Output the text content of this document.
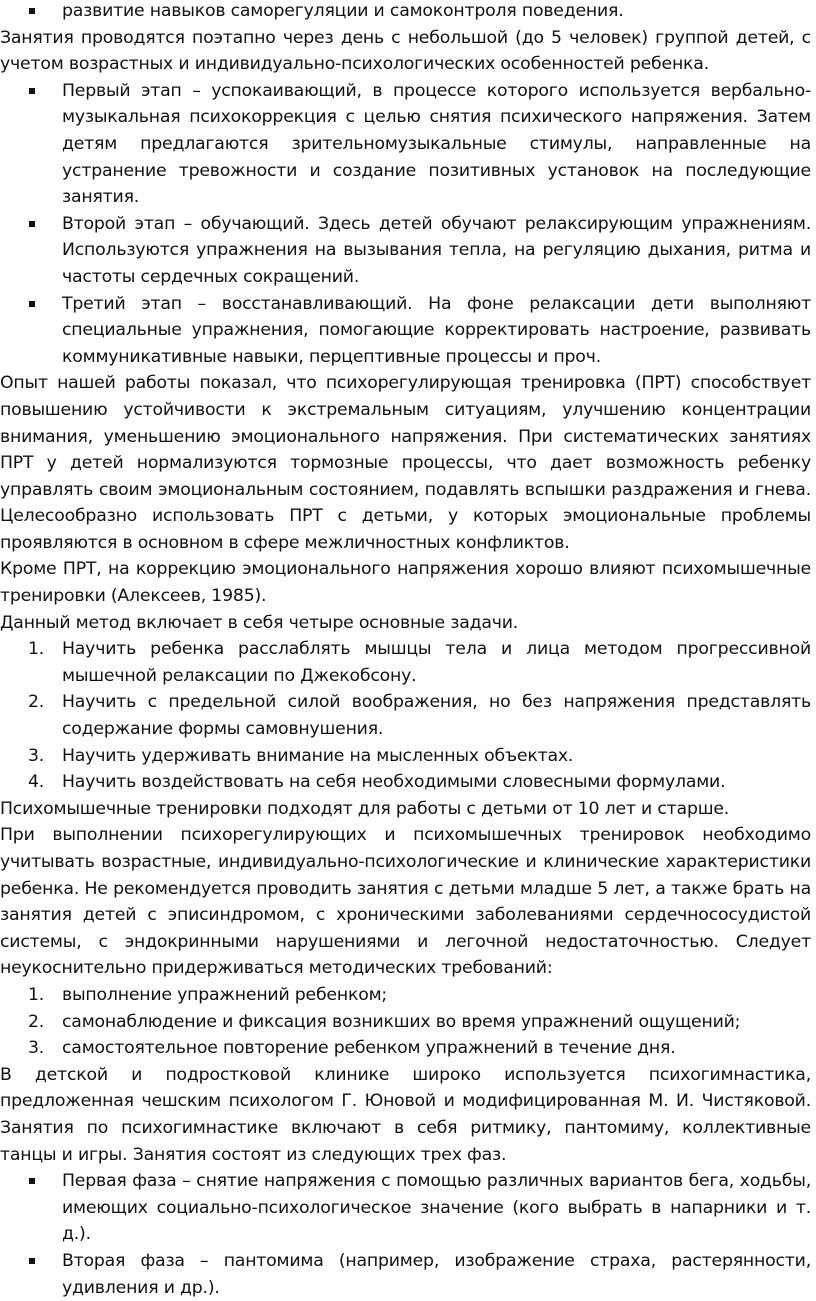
развитие навыков саморегуляции и самоконтроля поведения.

Занятия проводятся поэтапно через день с небольшой (до 5 человек) группой детей, с учетом возрастных и индивидуально-психологических особенностей ребенка.

Первый этап – успокаивающий, в процессе которого используется вербально-музыкальная психокоррекция с целью снятия психического напряжения. Затем детям предлагаются зрительномузыкальные стимулы, направленные на устранение тревожности и создание позитивных установок на последующие занятия.
Второй этап – обучающий. Здесь детей обучают релаксирующим упражнениям. Используются упражнения на вызывания тепла, на регуляцию дыхания, ритма и частоты сердечных сокращений.
Третий этап – восстанавливающий. На фоне релаксации дети выполняют специальные упражнения, помогающие корректировать настроение, развивать коммуникативные навыки, перцептивные процессы и проч.

Опыт нашей работы показал, что психорегулирующая тренировка (ПРТ) способствует повышению устойчивости к экстремальным ситуациям, улучшению концентрации внимания, уменьшению эмоционального напряжения. При систематических занятиях ПРТ у детей нормализуются тормозные процессы, что дает возможность ребенку управлять своим эмоциональным состоянием, подавлять вспышки раздражения и гнева. Целесообразно использовать ПРТ с детьми, у которых эмоциональные проблемы проявляются в основном в сфере межличностных конфликтов.

Кроме ПРТ, на коррекцию эмоционального напряжения хорошо влияют психомышечные тренировки (Алексеев, 1985).

Данный метод включает в себя четыре основные задачи.

1.	Научить ребенка расслаблять мышцы тела и лица методом прогрессивной мышечной релаксации по Джекобсону.
2.	Научить с предельной силой воображения, но без напряжения представлять содержание формы самовнушения.
3.	Научить удерживать внимание на мысленных объектах.
4.	Научить воздействовать на себя необходимыми словесными формулами.

Психомышечные тренировки подходят для работы с детьми от 10 лет и старше.

При выполнении психорегулирующих и психомышечных тренировок необходимо учитывать возрастные, индивидуально-психологические и клинические характеристики ребенка. Не рекомендуется проводить занятия с детьми младше 5 лет, а также брать на занятия детей с эписиндромом, с хроническими заболеваниями сердечнососудистой системы, с эндокринными нарушениями и легочной недостаточностью. Следует неукоснительно придерживаться методических требований:

1.	выполнение упражнений ребенком;
2.	самонаблюдение и фиксация возникших во время упражнений ощущений;
3.	самостоятельное повторение ребенком упражнений в течение дня.

В детской и подростковой клинике широко используется психогимнастика, предложенная чешским психологом Г. Юновой и модифицированная М. И. Чистяковой. Занятия по психогимнастике включают в себя ритмику, пантомиму, коллективные танцы и игры. Занятия состоят из следующих трех фаз.

Первая фаза – снятие напряжения с помощью различных вариантов бега, ходьбы, имеющих социально-психологическое значение (кого выбрать в напарники и т. д.).
Вторая фаза – пантомима (например, изображение страха, растерянности, удивления и др.).
